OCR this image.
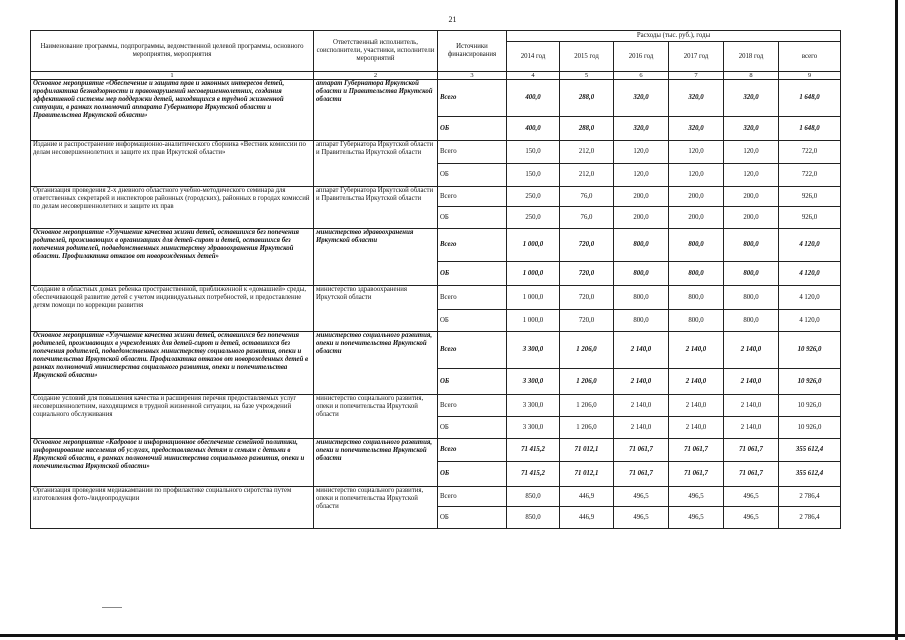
21
Наименование программы, подпрограммы, ведомственной целевой программы, основного мероприятия, мероприятия	Ответственный исполнитель, соисполнители, участники, исполнители мероприятий	Источники финансирования	Расходы (тыс. руб.), годы					
			2014 год	2015 год	2016 год	2017 год	2018 год	всего
1	2	3	4	5	6	7	8	9
Основное мероприятие «Обеспечение и защита прав и законных интересов детей, профилактика безнадзорности и правонарушений несовершеннолетних, создания эффективной системы мер поддержки детей, находящихся в трудной жизненной ситуации, в рамках полномочий аппарата Губернатора Иркутской области и Правительства Иркутской области»	аппарат Губернатора Иркутской области и Правительства Иркутской области	Всего	400,0	288,0	320,0	320,0	320,0	1 648,0
		ОБ	400,0	288,0	320,0	320,0	320,0	1 648,0
Издание и распространение информационно-аналитического сборника «Вестник комиссии по делам несовершеннолетних и защите их прав Иркутской области»	аппарат Губернатора Иркутской области и Правительства Иркутской области	Всего	150,0	212,0	120,0	120,0	120,0	722,0
		ОБ	150,0	212,0	120,0	120,0	120,0	722,0
Организация проведения 2-х дневного областного учебно-методического семинара для ответственных секретарей и инспекторов районных (городских), районных в городах комиссий по делам несовершеннолетних и защите их прав	аппарат Губернатора Иркутской области и Правительства Иркутской области	Всего	250,0	76,0	200,0	200,0	200,0	926,0
		ОБ	250,0	76,0	200,0	200,0	200,0	926,0
Основное мероприятие «Улучшение качества жизни детей, оставшихся без попечения родителей, проживающих в организациях для детей-сирот и детей, оставшихся без попечения родителей, подведомственных министерству здравоохранения Иркутской области. Профилактика отказов от новорожденных детей»	министерство здравоохранения Иркутской области	Всего	1 000,0	720,0	800,0	800,0	800,0	4 120,0
		ОБ	1 000,0	720,0	800,0	800,0	800,0	4 120,0
Создание в областных домах ребенка пространственной, приближенной к «домашней» среды, обеспечивающей развитие детей с учетом индивидуальных потребностей, и предоставление детям помощи по коррекции развития	министерство здравоохранения Иркутской области	Всего	1 000,0	720,0	800,0	800,0	800,0	4 120,0
		ОБ	1 000,0	720,0	800,0	800,0	800,0	4 120,0
Основное мероприятие «Улучшение качества жизни детей, оставшихся без попечения родителей, проживающих в учреждениях для детей-сирот и детей, оставшихся без попечения родителей, подведомственных министерству социального развития, опеки и попечительства Иркутской области. Профилактика отказов от новорожденных детей в рамках полномочий министерства социального развития, опеки и попечительства Иркутской области»	министерство социального развития, опеки и попечительства Иркутской области	Всего	3 300,0	1 206,0	2 140,0	2 140,0	2 140,0	10 926,0
		ОБ	3 300,0	1 206,0	2 140,0	2 140,0	2 140,0	10 926,0
Создание условий для повышения качества и расширения перечня предоставляемых услуг несовершеннолетним, находящимся в трудной жизненной ситуации, на базе учреждений социального обслуживания	министерство социального развития, опеки и попечительства Иркутской области	Всего	3 300,0	1 206,0	2 140,0	2 140,0	2 140,0	10 926,0
		ОБ	3 300,0	1 206,0	2 140,0	2 140,0	2 140,0	10 926,0
Основное мероприятие «Кадровое и информационное обеспечение семейной политики, информирование населения об услугах, предоставляемых детям и семьям с детьми в Иркутской области, в рамках полномочий министерства социального развития, опеки и попечительства Иркутской области»	министерство социального развития, опеки и попечительства Иркутской области	Всего	71 415,2	71 012,1	71 061,7	71 061,7	71 061,7	355 612,4
		ОБ	71 415,2	71 012,1	71 061,7	71 061,7	71 061,7	355 612,4
Организация проведения медиакампании по профилактике социального сиротства путем изготовления фото-/видеопродукции	министерство социального развития, опеки и попечительства Иркутской области	Всего	850,0	446,9	496,5	496,5	496,5	2 786,4
		ОБ	850,0	446,9	496,5	496,5	496,5	2 786,4
